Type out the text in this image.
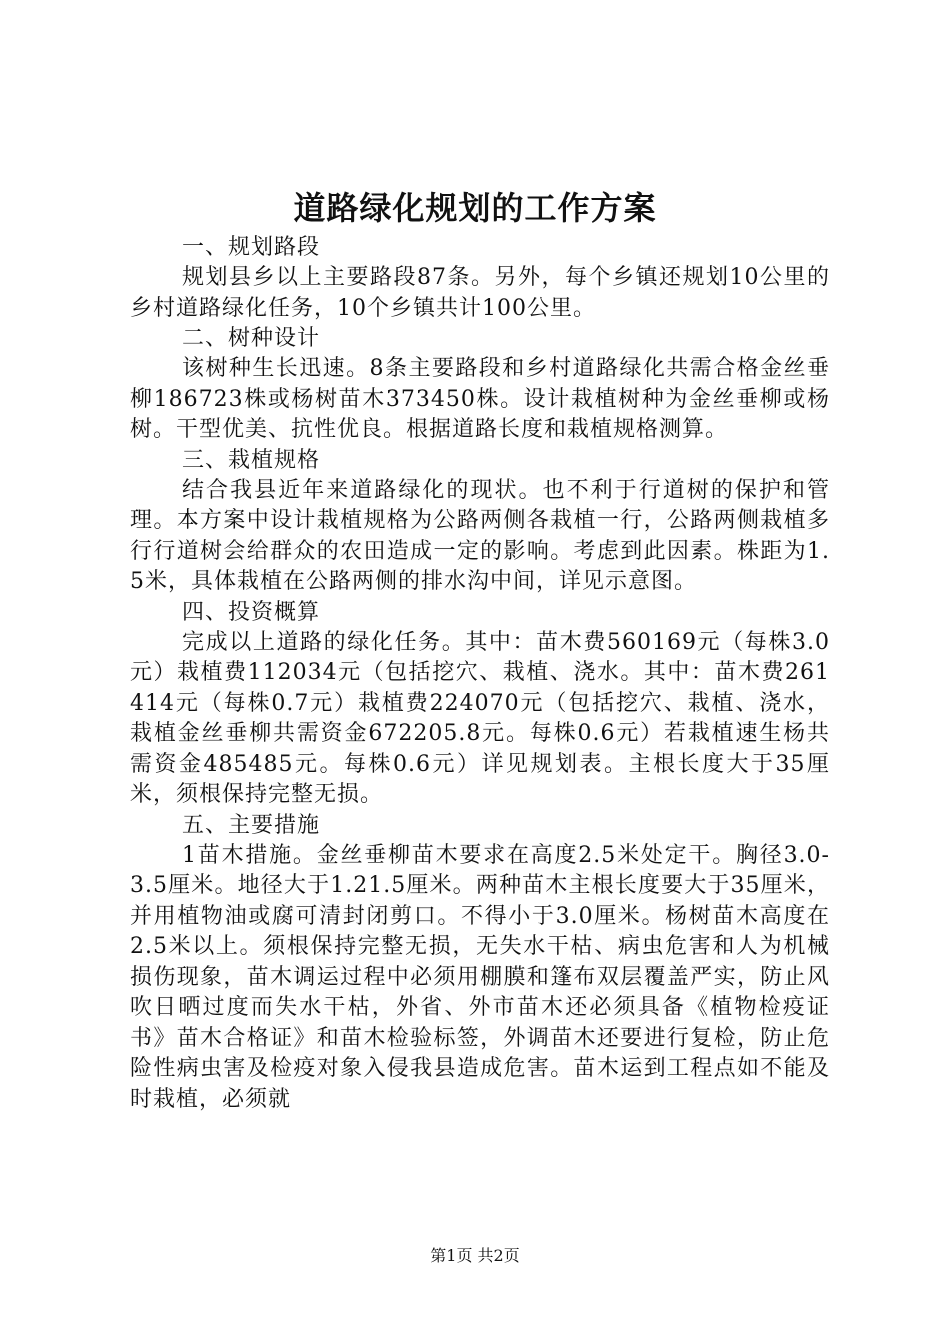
道路绿化规划的工作方案

一、规划路段

规划县乡以上主要路段87条。另外，每个乡镇还规划10公里的乡村道路绿化任务，10个乡镇共计100公里。

二、树种设计

该树种生长迅速。8条主要路段和乡村道路绿化共需合格金丝垂柳186723株或杨树苗木373450株。设计栽植树种为金丝垂柳或杨树。干型优美、抗性优良。根据道路长度和栽植规格测算。

三、栽植规格

结合我县近年来道路绿化的现状。也不利于行道树的保护和管理。本方案中设计栽植规格为公路两侧各栽植一行，公路两侧栽植多行行道树会给群众的农田造成一定的影响。考虑到此因素。株距为1.5米，具体栽植在公路两侧的排水沟中间，详见示意图。

四、投资概算

完成以上道路的绿化任务。其中：苗木费560169元（每株3.0元）栽植费112034元（包括挖穴、栽植、浇水。其中：苗木费261414元（每株0.7元）栽植费224070元（包括挖穴、栽植、浇水，栽植金丝垂柳共需资金672205.8元。每株0.6元）若栽植速生杨共需资金485485元。每株0.6元）详见规划表。主根长度大于35厘米，须根保持完整无损。

五、主要措施

1苗木措施。金丝垂柳苗木要求在高度2.5米处定干。胸径3.0-3.5厘米。地径大于1.21.5厘米。两种苗木主根长度要大于35厘米，并用植物油或腐可清封闭剪口。不得小于3.0厘米。杨树苗木高度在2.5米以上。须根保持完整无损，无失水干枯、病虫危害和人为机械损伤现象，苗木调运过程中必须用棚膜和篷布双层覆盖严实，防止风吹日晒过度而失水干枯，外省、外市苗木还必须具备《植物检疫证书》苗木合格证》和苗木检验标签，外调苗木还要进行复检，防止危险性病虫害及检疫对象入侵我县造成危害。苗木运到工程点如不能及时栽植，必须就

第1页 共2页
